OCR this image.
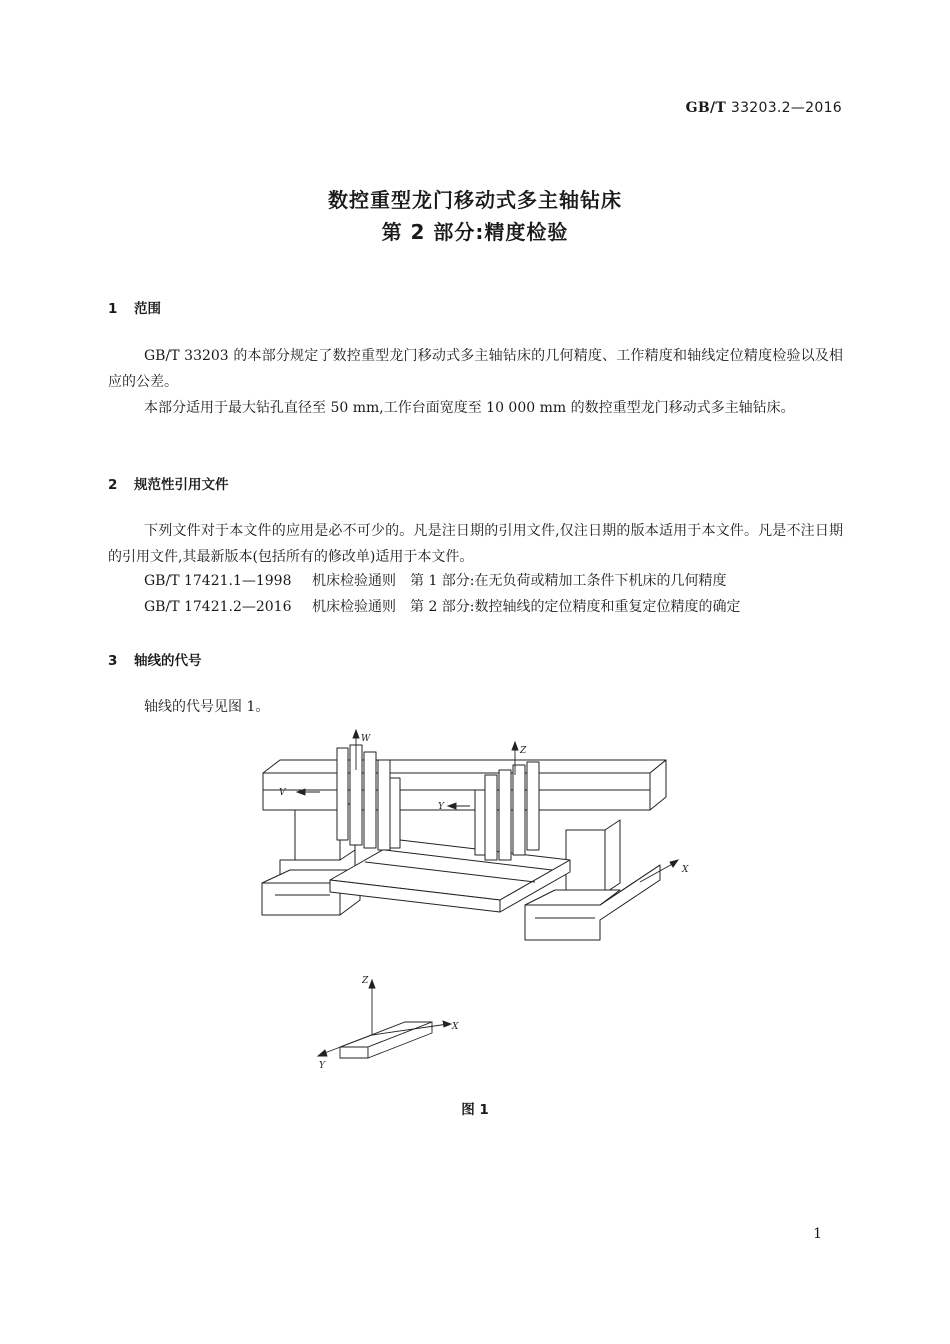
GB/T 33203.2—2016
数控重型龙门移动式多主轴钻床
第 2 部分:精度检验
1 范围
GB/T 33203 的本部分规定了数控重型龙门移动式多主轴钻床的几何精度、工作精度和轴线定位精度检验以及相应的公差。
本部分适用于最大钻孔直径至 50 mm,工作台面宽度至 10 000 mm 的数控重型龙门移动式多主轴钻床。
2 规范性引用文件
下列文件对于本文件的应用是必不可少的。凡是注日期的引用文件,仅注日期的版本适用于本文件。凡是不注日期的引用文件,其最新版本(包括所有的修改单)适用于本文件。
GB/T 17421.1—1998 机床检验通则 第 1 部分:在无负荷或精加工条件下机床的几何精度
GB/T 17421.2—2016 机床检验通则 第 2 部分:数控轴线的定位精度和重复定位精度的确定
3 轴线的代号
轴线的代号见图 1。
W
Z
V
Y
X
Z
X
Y
图 1
1
